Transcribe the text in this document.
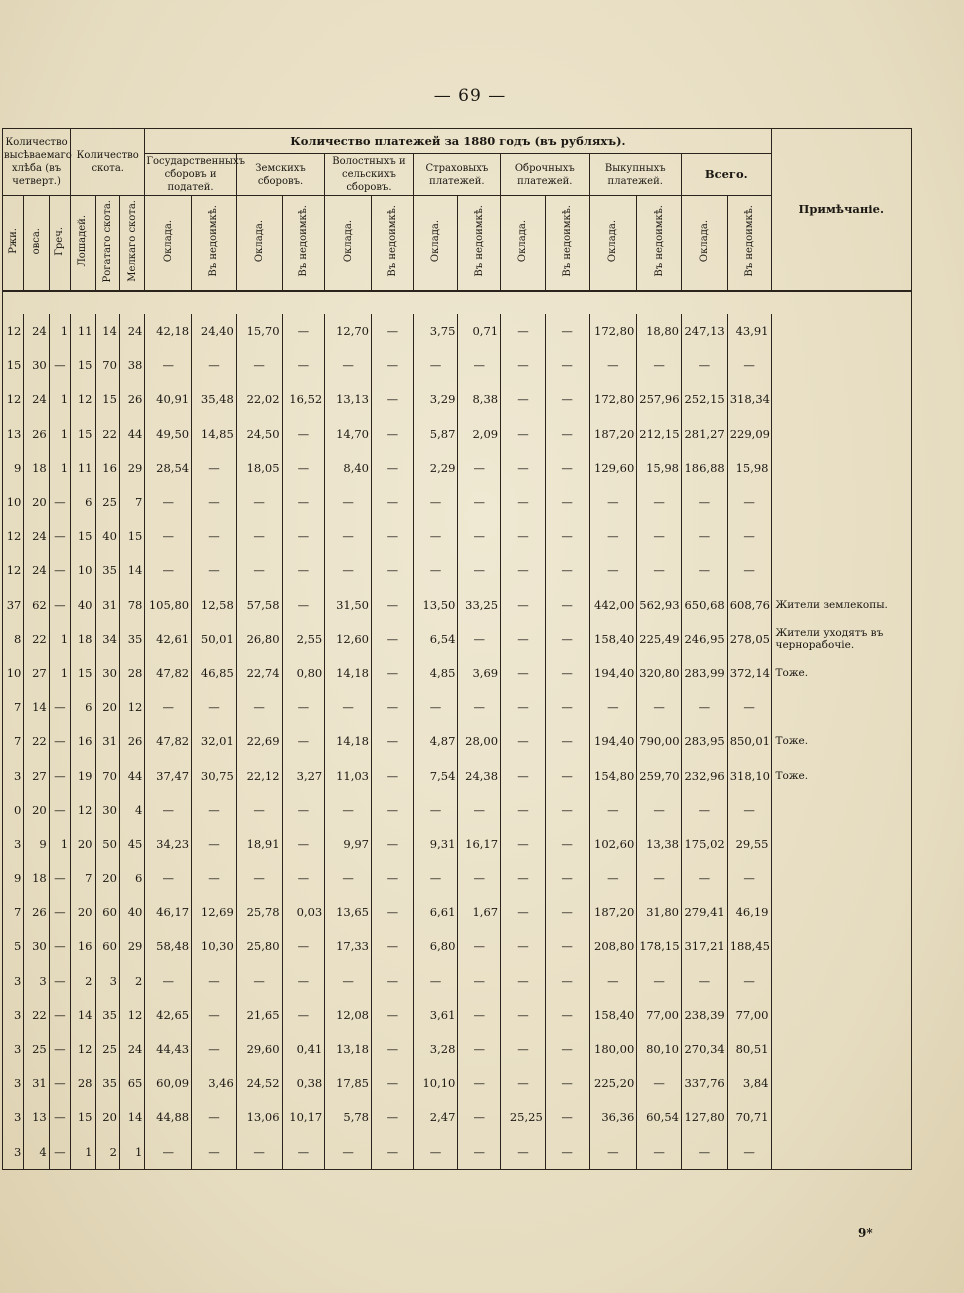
— 69 —
Количество высѣваемаго хлѣба (въ четверт.)			Количество скота.			Количество платежей за 1880 годъ (въ рубляхъ).														Примѣчаніе.
						Государственныхъ сборовъ и податей.		Земскихъ сборовъ.		Волостныхъ и сельскихъ сборовъ.		Страховыхъ платежей.		Оброчныхъ платежей.		Выкупныхъ платежей.		Всего.		
Ржи.	овса.	Греч.	Лошадей.	Рогатаго скота.	Мелкаго скота.	Оклада.	Въ недоимкѣ.	Оклада.	Въ недоимкѣ.	Оклада.	Въ недоимкѣ.	Оклада.	Въ недоимкѣ.	Оклада.	Въ недоимкѣ.	Оклада.	Въ недоимкѣ.	Оклада.	Въ недоимкѣ.	

12	24	1	11	14	24	42,18	24,40	15,70	—	12,70	—	3,75	0,71	—	—	172,80	18,80	247,13	43,91	
15	30	—	15	70	38	—	—	—	—	—	—	—	—	—	—	—	—	—	—	
12	24	1	12	15	26	40,91	35,48	22,02	16,52	13,13	—	3,29	8,38	—	—	172,80	257,96	252,15	318,34	
13	26	1	15	22	44	49,50	14,85	24,50	—	14,70	—	5,87	2,09	—	—	187,20	212,15	281,27	229,09	
9	18	1	11	16	29	28,54	—	18,05	—	8,40	—	2,29	—	—	—	129,60	15,98	186,88	15,98	
10	20	—	6	25	7	—	—	—	—	—	—	—	—	—	—	—	—	—	—	
12	24	—	15	40	15	—	—	—	—	—	—	—	—	—	—	—	—	—	—	
12	24	—	10	35	14	—	—	—	—	—	—	—	—	—	—	—	—	—	—	
37	62	—	40	31	78	105,80	12,58	57,58	—	31,50	—	13,50	33,25	—	—	442,00	562,93	650,68	608,76	Жители землекопы.
8	22	1	18	34	35	42,61	50,01	26,80	2,55	12,60	—	6,54	—	—	—	158,40	225,49	246,95	278,05	Жители уходятъ въ чернорабочіе.
10	27	1	15	30	28	47,82	46,85	22,74	0,80	14,18	—	4,85	3,69	—	—	194,40	320,80	283,99	372,14	Тоже.
7	14	—	6	20	12	—	—	—	—	—	—	—	—	—	—	—	—	—	—	
7	22	—	16	31	26	47,82	32,01	22,69	—	14,18	—	4,87	28,00	—	—	194,40	790,00	283,95	850,01	Тоже.
3	27	—	19	70	44	37,47	30,75	22,12	3,27	11,03	—	7,54	24,38	—	—	154,80	259,70	232,96	318,10	Тоже.
0	20	—	12	30	4	—	—	—	—	—	—	—	—	—	—	—	—	—	—	
3	9	1	20	50	45	34,23	—	18,91	—	9,97	—	9,31	16,17	—	—	102,60	13,38	175,02	29,55	
9	18	—	7	20	6	—	—	—	—	—	—	—	—	—	—	—	—	—	—	
7	26	—	20	60	40	46,17	12,69	25,78	0,03	13,65	—	6,61	1,67	—	—	187,20	31,80	279,41	46,19	
5	30	—	16	60	29	58,48	10,30	25,80	—	17,33	—	6,80	—	—	—	208,80	178,15	317,21	188,45	
3	3	—	2	3	2	—	—	—	—	—	—	—	—	—	—	—	—	—	—	
3	22	—	14	35	12	42,65	—	21,65	—	12,08	—	3,61	—	—	—	158,40	77,00	238,39	77,00	
3	25	—	12	25	24	44,43	—	29,60	0,41	13,18	—	3,28	—	—	—	180,00	80,10	270,34	80,51	
3	31	—	28	35	65	60,09	3,46	24,52	0,38	17,85	—	10,10	—	—	—	225,20	—	337,76	3,84	
3	13	—	15	20	14	44,88	—	13,06	10,17	5,78	—	2,47	—	25,25	—	36,36	60,54	127,80	70,71	
3	4	—	1	2	1	—	—	—	—	—	—	—	—	—	—	—	—	—	—	
9*
